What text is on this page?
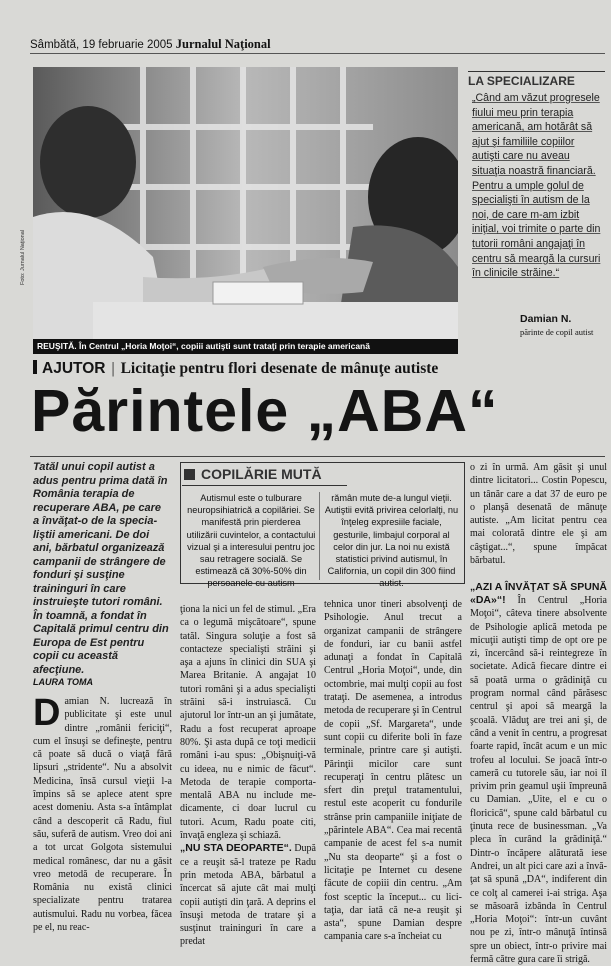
Sâmbătă, 19 februarie 2005 Jurnalul Naţional
Foto: Jurnalul Naţional
REUŞITĂ. În Centrul „Horia Moţoi“, copiii autişti sunt trataţi prin terapie americană
LA SPECIALIZARE
„Când am văzut progresele fiului meu prin terapia americană, am hotărât să ajut şi familiile copiilor autişti care nu aveau situaţia noastră financiară. Pentru a umple golul de specialişti în autism de la noi, de care m-am izbit iniţial, voi trimite o parte din tutorii români angajaţi în centru să meargă la cursuri în clinicile străine.“
Damian N.
părinte de copil autist
AJUTOR | Licitaţie pentru flori desenate de mânuţe autiste
Părintele „ABA“
Tatăl unui copil autist a adus pentru prima dată în România terapia de recuperare ABA, pe care a învăţat-o de la specialiştii americani. De doi ani, bărbatul organizează campanii de strângere de fonduri şi susţine traininguri în care instruieşte tutori români. În toamnă, a fondat în Capitală primul centru din Europa de Est pentru copii cu această afecţiune.
LAURA TOMA
Damian N. lucrează în publicitate şi este unul dintre „românii fericiţi“, cum el însuşi se defineşte, pentru că poate să ducă o viaţă fără lipsuri „stridente“. Nu a absolvit Medicina, însă cursul vieţii l-a împins să se aplece atent spre acest domeniu. Asta s-a întâmplat când a descoperit că Radu, fiul său, suferă de autism. Vreo doi ani a tot urcat Golgota sistemului medical românesc, dar nu a găsit vreo metodă de recuperare. În România nu există clinici specializate pentru tratarea autismului. Radu nu vorbea, făcea pe el, nu reac-
COPILĂRIE MUTĂ
Autismul este o tulburare neuropsihiatrică a copilăriei. Se manifestă prin pierderea utilizării cuvintelor, a contactului vizual şi a interesului pentru joc sau retragere socială. Se estimează că 30%-50% din persoanele cu autism
rămân mute de-a lungul vieţii. Autiştii evită privirea celorlalţi, nu înţeleg expresiile faciale, gesturile, limbajul corporal al celor din jur. La noi nu există statistici privind autismul, în California, un copil din 300 fiind autist.
ţiona la nici un fel de stimul. „Era ca o legumă mişcătoare“, spune tatăl. Singura soluţie a fost să contacteze specialişti străini şi aşa a ajuns în clinici din SUA şi Marea Britanie. A angajat 10 tutori români şi a adus specialişti străini să-i instruiască. Cu ajutorul lor într-un an şi jumătate, Radu a fost recuperat aproape 80%. Şi asta după ce toţi medicii români i-au spus: „Obişnuiţi-vă cu ideea, nu e nimic de făcut“. Metoda de terapie comportamentală ABA nu include medicamente, ci doar lucrul cu tutori. Acum, Radu poate citi, învaţă engleza şi schiază.
„NU STA DEOPARTE“. După ce a reuşit să-l trateze pe Radu prin metoda ABA, bărbatul a încercat să ajute cât mai mulţi copii autişti din ţară. A deprins el însuşi metoda de tratare şi a susţinut traininguri în care a predat
tehnica unor tineri absolvenţi de Psihologie. Anul trecut a organizat campanii de strângere de fonduri, iar cu banii astfel adunaţi a fondat în Capitală Centrul „Horia Moţoi“, unde, din octombrie, mai mulţi copii au fost trataţi. De asemenea, a introdus metoda de recuperare şi în Centrul de copii „Sf. Margareta“, unde sunt copii cu diferite boli în faze terminale, printre care şi autişti. Părinţii micilor care sunt recuperaţi în centru plătesc un sfert din preţul tratamentului, restul este acoperit cu fondurile strânse prin campaniile iniţiate de „părintele ABA“. Cea mai recentă campanie de acest fel s-a numit „Nu sta deoparte“ şi a fost o licitaţie pe Internet cu desene făcute de copiii din centru. „Am fost sceptic la început... cu licitaţia, dar iată că ne-a reuşit şi asta“, spune Damian despre campania care s-a încheiat cu
o zi în urmă. Am găsit şi unul dintre licitatori... Costin Popescu, un tânăr care a dat 37 de euro pe o planşă desenată de mânuţe autiste. „Am licitat pentru cea mai colorată dintre ele şi am câştigat...“, spune împăcat bărbatul.

„AZI A ÎNVĂŢAT SĂ SPUNĂ «DA»“! În Centrul „Horia Moţoi“, câteva tinere absolvente de Psihologie aplică metoda pe micuţii autişti timp de opt ore pe zi, încercând să-i reintegreze în societate. Adică fiecare dintre ei să poată urma o grădiniţă cu program normal când părăsesc centrul şi apoi să meargă la şcoală. Vlăduţ are trei ani şi, de când a venit în centru, a progresat foarte rapid, încât acum e un mic trofeu al locului. Se joacă într-o cameră cu tutorele său, iar noi îl privim prin geamul uşii împreună cu Damian. „Uite, el e cu o floricică“, spune cald bărbatul cu ţinuta rece de businessman. „Va pleca în curând la grădiniţă.“ Dintr-o încăpere alăturată iese Andrei, un alt pici care azi a învăţat să spună „DA“, indiferent din ce colţ al camerei i-ai striga. Aşa se măsoară izbânda în Centrul „Horia Moţoi“: într-un cuvânt nou pe zi, într-o mânuţă întinsă spre un obiect, într-o privire mai fermă către gura care îi strigă.
